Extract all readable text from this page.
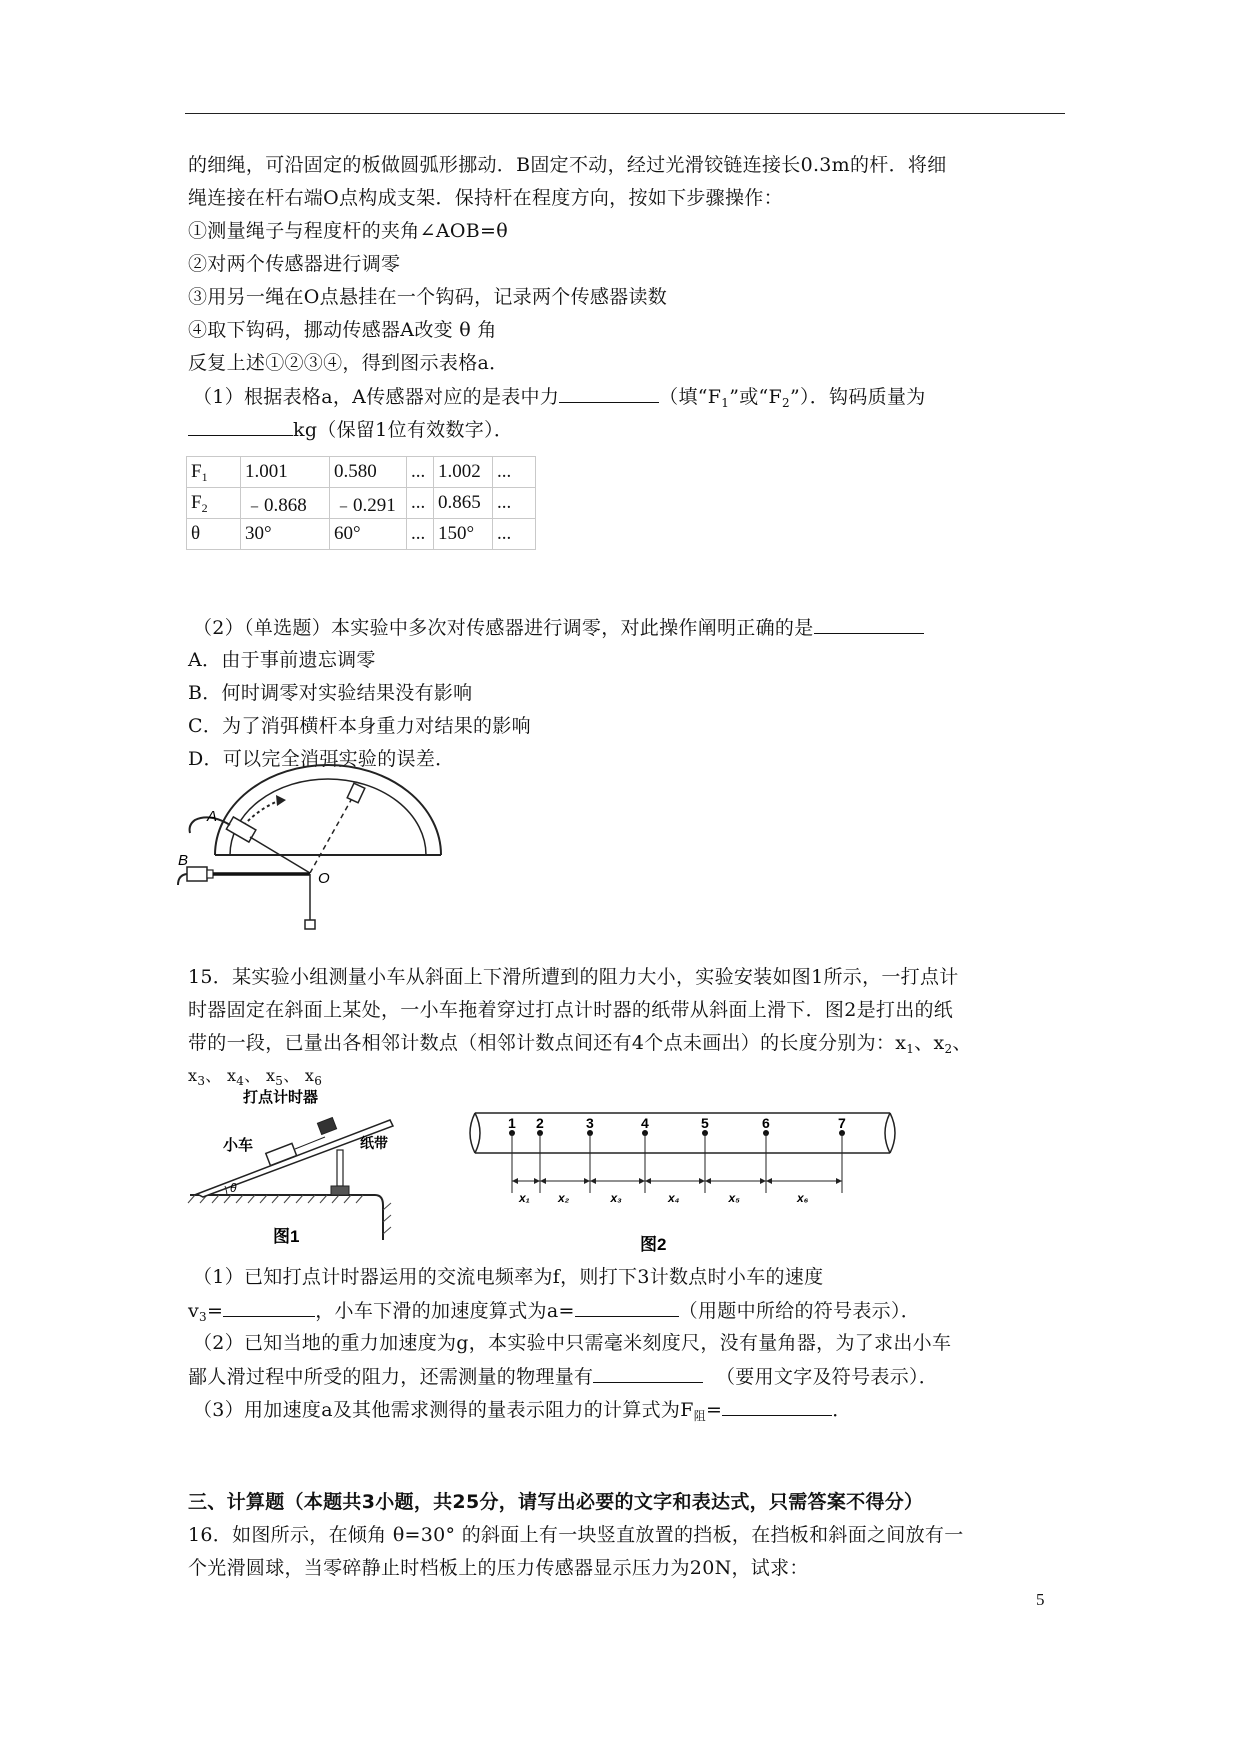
的细绳，可沿固定的板做圆弧形挪动．B固定不动，经过光滑铰链连接长0.3m的杆．将细
绳连接在杆右端O点构成支架．保持杆在程度方向，按如下步骤操作：
①测量绳子与程度杆的夹角∠AOB=θ
②对两个传感器进行调零
③用另一绳在O点悬挂在一个钩码，记录两个传感器读数
④取下钩码，挪动传感器A改变 θ 角
反复上述①②③④，得到图示表格a．
（1）根据表格a，A传感器对应的是表中力	（填“$F_1$”或“$F_2$”）．钩码质量为
kg（保留1位有效数字）．
$F_1$	1.001	0.580	...	1.002	...
$F_2$	﹣0.868	﹣0.291	...	0.865	...
θ	30°	60°	...	150°	...
（2）（单选题）本实验中多次对传感器进行调零，对此操作阐明正确的是
A．由于事前遗忘调零
B．何时调零对实验结果没有影响
C．为了消弭横杆本身重力对结果的影响
D．可以完全消弭实验的误差．
A
B
O
15．某实验小组测量小车从斜面上下滑所遭到的阻力大小，实验安装如图1所示，一打点计
时器固定在斜面上某处，一小车拖着穿过打点计时器的纸带从斜面上滑下．图2是打出的纸
带的一段，已量出各相邻计数点（相邻计数点间还有4个点未画出）的长度分别为：$x_1$、$x_2$、
$x_3$、 $x_4$、 $x_5$、 $x_6$
θ
打点计时器
小车	纸带
图1
1 2	3	4	5	6	7
x₁ x₂	x₃	x₄	x₅	x₆
图2
（1）已知打点计时器运用的交流电频率为f，则打下3计数点时小车的速度
$v_3=$	，小车下滑的加速度算式为a=	（用题中所给的符号表示）．
（2）已知当地的重力加速度为g，本实验中只需毫米刻度尺，没有量角器，为了求出小车
鄙人滑过程中所受的阻力，还需测量的物理量有	（要用文字及符号表示）．
（3）用加速度a及其他需求测得的量表示阻力的计算式为$F_阻=$	．
三、计算题（本题共3小题，共25分，请写出必要的文字和表达式，只需答案不得分）
16．如图所示，在倾角 θ=30° 的斜面上有一块竖直放置的挡板，在挡板和斜面之间放有一
个光滑圆球，当零碎静止时档板上的压力传感器显示压力为20N，试求：
5
